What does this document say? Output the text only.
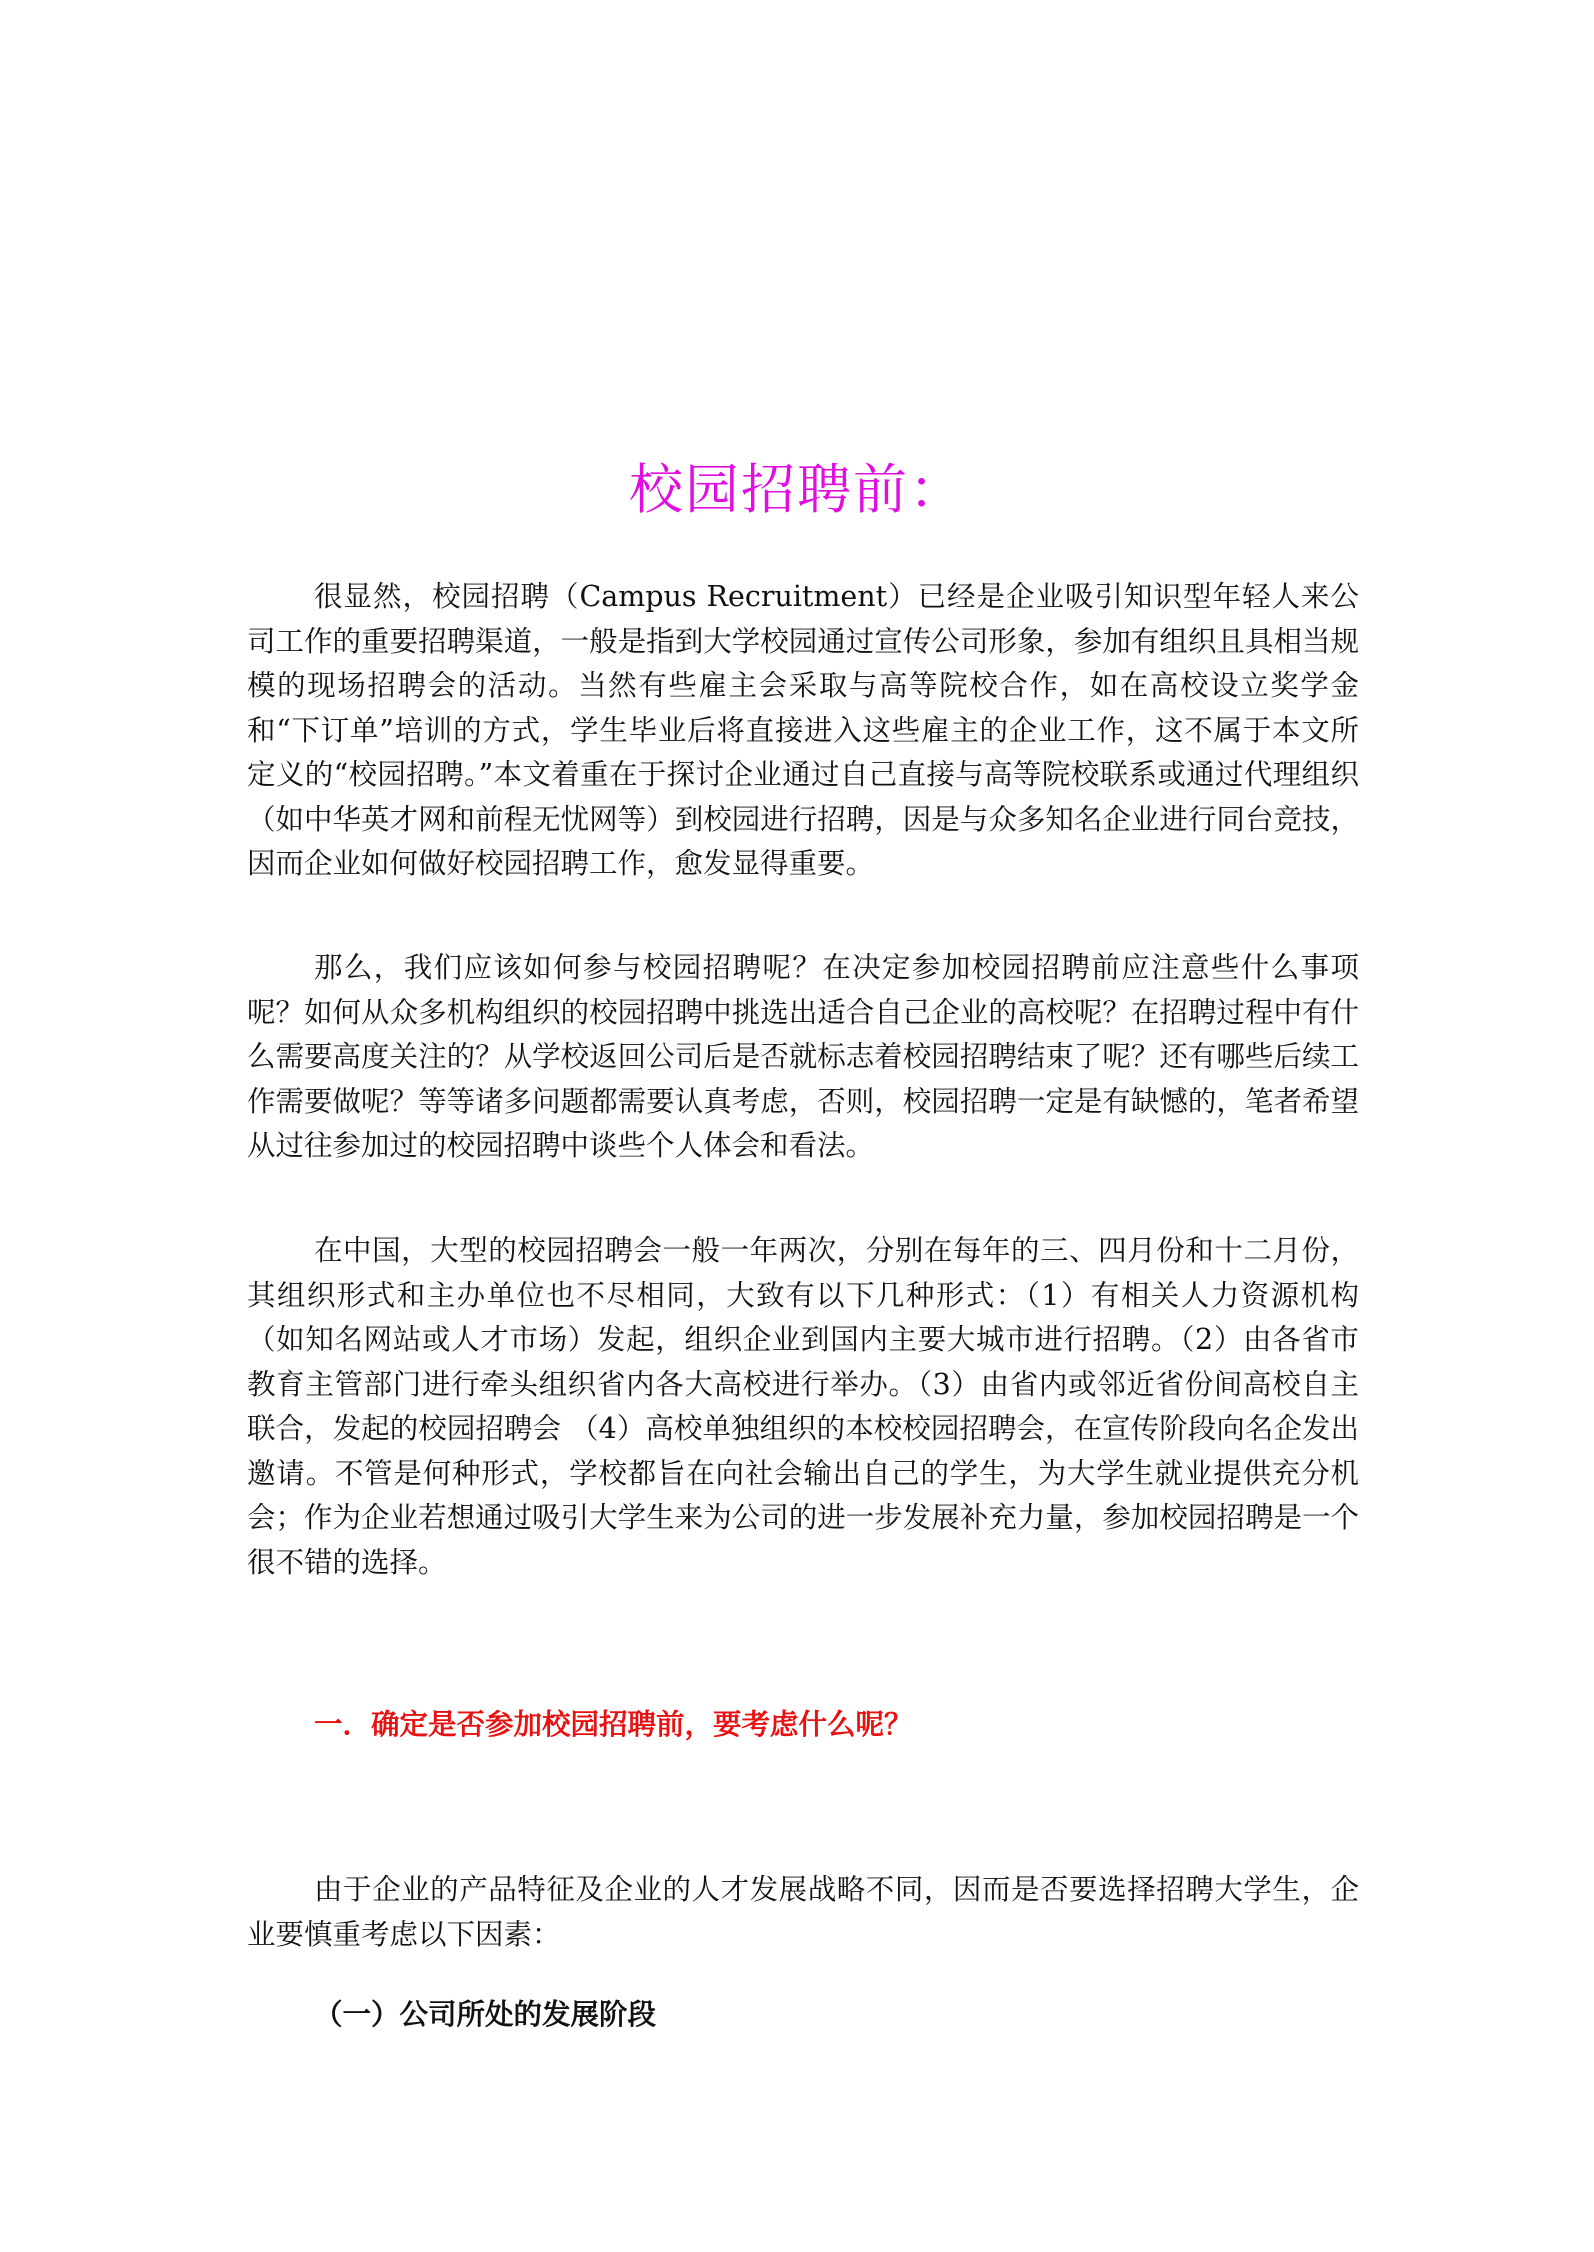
校园招聘前：

很显然，校园招聘（Campus Recruitment）已经是企业吸引知识型年轻人来公司工作的重要招聘渠道，一般是指到大学校园通过宣传公司形象，参加有组织且具相当规模的现场招聘会的活动。当然有些雇主会采取与高等院校合作，如在高校设立奖学金和“下订单”培训的方式，学生毕业后将直接进入这些雇主的企业工作，这不属于本文所定义的“校园招聘。”本文着重在于探讨企业通过自己直接与高等院校联系或通过代理组织（如中华英才网和前程无忧网等）到校园进行招聘，因是与众多知名企业进行同台竞技，因而企业如何做好校园招聘工作，愈发显得重要。

那么，我们应该如何参与校园招聘呢？在决定参加校园招聘前应注意些什么事项呢？如何从众多机构组织的校园招聘中挑选出适合自己企业的高校呢？在招聘过程中有什么需要高度关注的？从学校返回公司后是否就标志着校园招聘结束了呢？还有哪些后续工作需要做呢？等等诸多问题都需要认真考虑，否则，校园招聘一定是有缺憾的，笔者希望从过往参加过的校园招聘中谈些个人体会和看法。

在中国，大型的校园招聘会一般一年两次，分别在每年的三、四月份和十二月份，其组织形式和主办单位也不尽相同，大致有以下几种形式：（1）有相关人力资源机构（如知名网站或人才市场）发起，组织企业到国内主要大城市进行招聘。（2）由各省市教育主管部门进行牵头组织省内各大高校进行举办。（3）由省内或邻近省份间高校自主联合，发起的校园招聘会 （4）高校单独组织的本校校园招聘会，在宣传阶段向名企发出邀请。不管是何种形式，学校都旨在向社会输出自己的学生，为大学生就业提供充分机会；作为企业若想通过吸引大学生来为公司的进一步发展补充力量，参加校园招聘是一个很不错的选择。

一．确定是否参加校园招聘前，要考虑什么呢？

由于企业的产品特征及企业的人才发展战略不同，因而是否要选择招聘大学生，企业要慎重考虑以下因素：

（一）公司所处的发展阶段
